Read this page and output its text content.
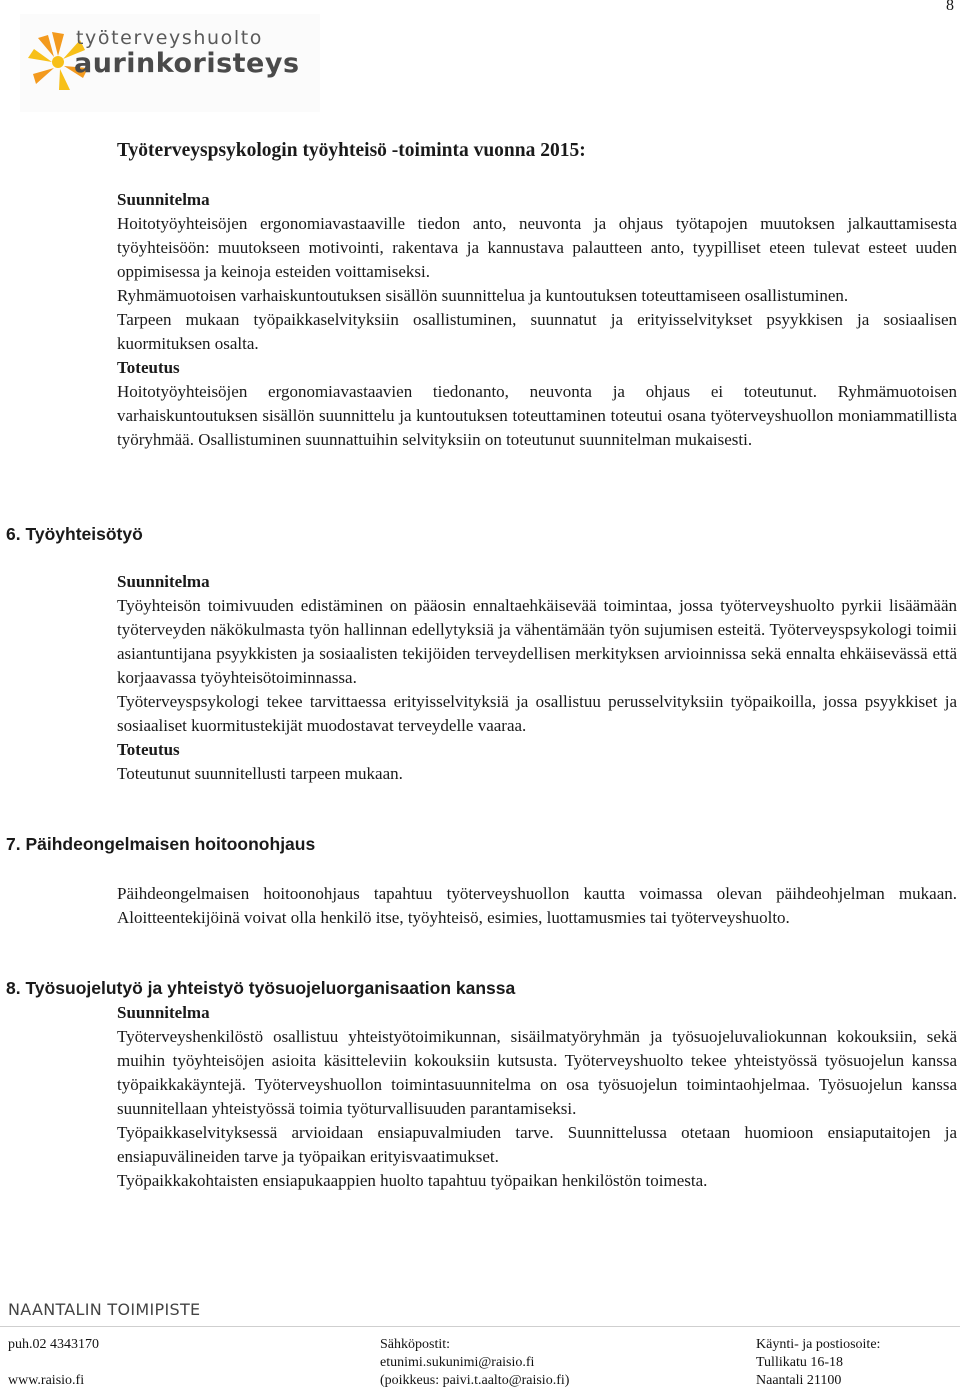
8
työterveyshuolto
aurinkoristeys
Työterveyspsykologin työyhteisö -toiminta vuonna 2015:

Suunnitelma

Hoitotyöyhteisöjen ergonomiavastaaville tiedon anto, neuvonta ja ohjaus työtapojen muutoksen jalkauttamisesta työyhteisöön: muutokseen motivointi, rakentava ja kannustava palautteen anto, tyypilliset eteen tulevat esteet uuden oppimisessa ja keinoja esteiden voittamiseksi.

Ryhmämuotoisen varhaiskuntoutuksen sisällön suunnittelua ja kuntoutuksen toteuttamiseen osallistuminen.

Tarpeen mukaan työpaikkaselvityksiin osallistuminen, suunnatut ja erityisselvitykset psyykkisen ja sosiaalisen kuormituksen osalta.

Toteutus

Hoitotyöyhteisöjen ergonomiavastaavien tiedonanto, neuvonta ja ohjaus ei toteutunut. Ryhmämuotoisen varhaiskuntoutuksen sisällön suunnittelu ja kuntoutuksen toteuttaminen toteutui osana työterveyshuollon moniammatillista työryhmää. Osallistuminen suunnattuihin selvityksiin on toteutunut suunnitelman mukaisesti.

6. Työyhteisötyö

Suunnitelma

Työyhteisön toimivuuden edistäminen on pääosin ennaltaehkäisevää toimintaa, jossa työterveyshuolto pyrkii lisäämään työterveyden näkökulmasta työn hallinnan edellytyksiä ja vähentämään työn sujumisen esteitä. Työterveyspsykologi toimii asiantuntijana psyykkisten ja sosiaalisten tekijöiden terveydellisen merkityksen arvioinnissa sekä ennalta ehkäisevässä että korjaavassa työyhteisötoiminnassa.

Työterveyspsykologi tekee tarvittaessa erityisselvityksiä ja osallistuu perusselvityksiin työpaikoilla, jossa psyykkiset ja sosiaaliset kuormitustekijät muodostavat terveydelle vaaraa.

Toteutus

Toteutunut suunnitellusti tarpeen mukaan.

7. Päihdeongelmaisen hoitoonohjaus

Päihdeongelmaisen hoitoonohjaus tapahtuu työterveyshuollon kautta voimassa olevan päihdeohjelman mukaan. Aloitteentekijöinä voivat olla henkilö itse, työyhteisö, esimies, luottamusmies tai työterveyshuolto.

8. Työsuojelutyö ja yhteistyö työsuojeluorganisaation kanssa

Suunnitelma

Työterveyshenkilöstö osallistuu yhteistyötoimikunnan, sisäilmatyöryhmän ja työsuojeluvaliokunnan kokouksiin, sekä muihin työyhteisöjen asioita käsitteleviin kokouksiin kutsusta. Työterveyshuolto tekee yhteistyössä työsuojelun kanssa työpaikkakäyntejä. Työterveyshuollon toimintasuunnitelma on osa työsuojelun toimintaohjelmaa. Työsuojelun kanssa suunnitellaan yhteistyössä toimia työturvallisuuden parantamiseksi.

Työpaikkaselvityksessä arvioidaan ensiapuvalmiuden tarve. Suunnittelussa otetaan huomioon ensiaputaitojen ja ensiapuvälineiden tarve ja työpaikan erityisvaatimukset.

Työpaikkakohtaisten ensiapukaappien huolto tapahtuu työpaikan henkilöstön toimesta.

NAANTALIN TOIMIPISTE
puh.02 4343170
www.raisio.fi
Sähköpostit:
etunimi.sukunimi@raisio.fi
(poikkeus: paivi.t.aalto@raisio.fi)
Käynti- ja postiosoite:
Tullikatu 16-18
Naantali 21100
